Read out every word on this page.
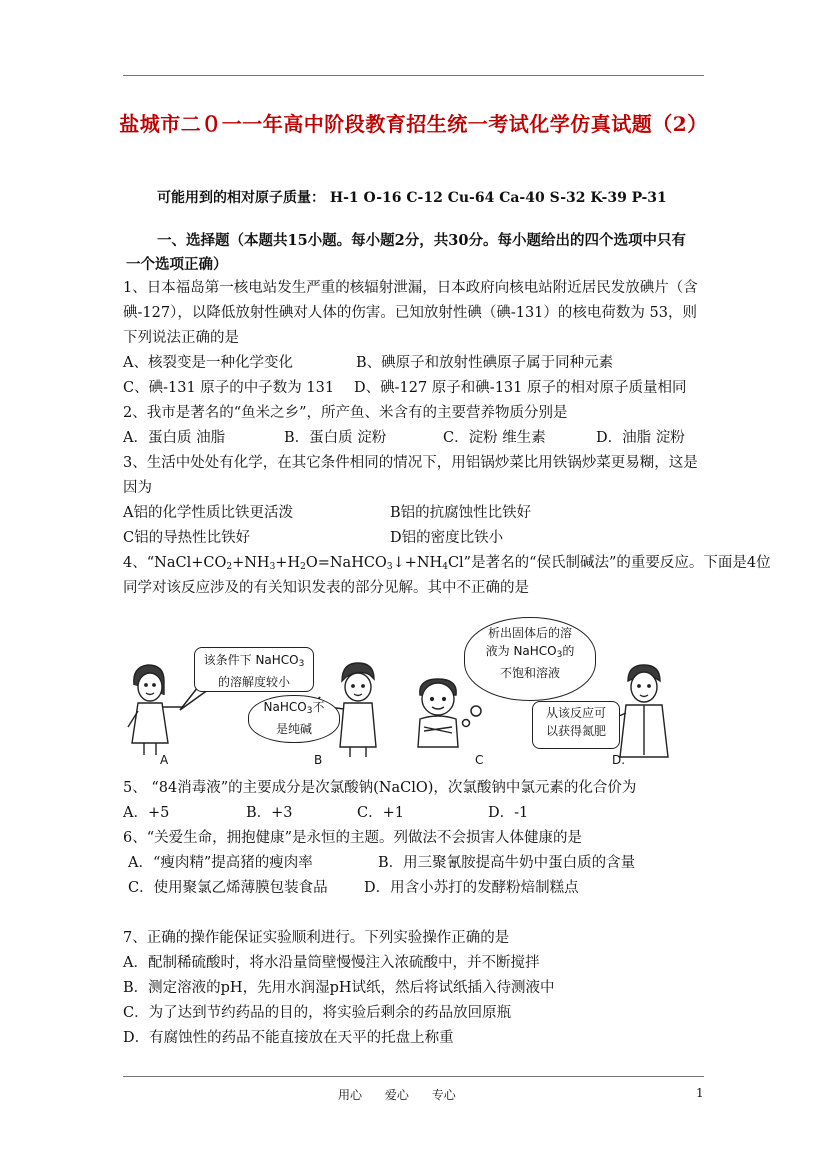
盐城市二０一一年高中阶段教育招生统一考试化学仿真试题（2）
可能用到的相对原子质量： H-1 O-16 C-12 Cu-64 Ca-40 S-32 K-39 P-31
一、选择题（本题共15小题。每小题2分，共30分。每小题给出的四个选项中只有
一个选项正确）
1、日本福岛第一核电站发生严重的核辐射泄漏，日本政府向核电站附近居民发放碘片（含
碘-127），以降低放射性碘对人体的伤害。已知放射性碘（碘-131）的核电荷数为 53，则
下列说法正确的是
A、核裂变是一种化学变化	B、碘原子和放射性碘原子属于同种元素
C、碘-131 原子的中子数为 131 D、碘-127 原子和碘-131 原子的相对原子质量相同
2、我市是著名的“鱼米之乡”，所产鱼、米含有的主要营养物质分别是
A．蛋白质 油脂	B．蛋白质 淀粉	C．淀粉 维生素	D．油脂 淀粉
3、生活中处处有化学，在其它条件相同的情况下，用铝锅炒菜比用铁锅炒菜更易糊，这是
因为
A铝的化学性质比铁更活泼	B铝的抗腐蚀性比铁好
C铝的导热性比铁好	D铝的密度比铁小
4、“$NaCl+CO_2+NH_3+H_2O=NaHCO_3↓+NH_4Cl$”是著名的“侯氏制碱法”的重要反应。下面是4位
同学对该反应涉及的有关知识发表的部分见解。其中不正确的是
该条件下 NaHCO$_3$
的溶解度较小
NaHCO$_3$不
是纯碱
析出固体后的溶
液为 NaHCO$_3$的
不饱和溶液
从该反应可
以获得氮肥
A	B	C	D.
5、 “84消毒液”的主要成分是次氯酸钠(NaClO)，次氯酸钠中氯元素的化合价为
A．+5	B．+3	C．+1	D．-1
6、“关爱生命，拥抱健康”是永恒的主题。列做法不会损害人体健康的是
A．“瘦肉精”提高猪的瘦肉率	B．用三聚氰胺提高牛奶中蛋白质的含量
C．使用聚氯乙烯薄膜包装食品	D．用含小苏打的发酵粉焙制糕点
7、正确的操作能保证实验顺利进行。下列实验操作正确的是
A．配制稀硫酸时，将水沿量筒壁慢慢注入浓硫酸中，并不断搅拌
B．测定溶液的pH，先用水润湿pH试纸，然后将试纸插入待测液中
C．为了达到节约药品的目的，将实验后剩余的药品放回原瓶
D．有腐蚀性的药品不能直接放在天平的托盘上称重
用心      爱心      专心	1
